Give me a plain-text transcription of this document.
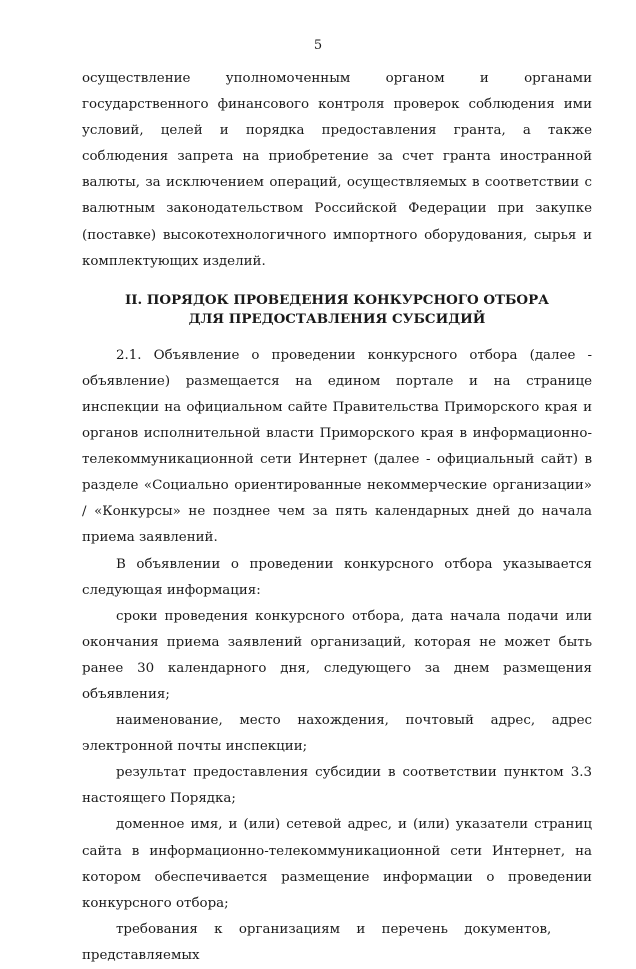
5

осуществление уполномоченным органом и органами государственного финансового контроля проверок соблюдения ими условий, целей и порядка предоставления гранта, а также соблюдения запрета на приобретение за счет гранта иностранной валюты, за исключением операций, осуществляемых в соответствии с валютным законодательством Российской Федерации при закупке (поставке) высокотехнологичного импортного оборудования, сырья и комплектующих изделий.

II. ПОРЯДОК ПРОВЕДЕНИЯ КОНКУРСНОГО ОТБОРА
ДЛЯ ПРЕДОСТАВЛЕНИЯ СУБСИДИЙ

2.1. Объявление о проведении конкурсного отбора (далее - объявление) размещается на едином портале и на странице инспекции на официальном сайте Правительства Приморского края и органов исполнительной власти Приморского края в информационно-телекоммуникационной сети Интернет (далее - официальный сайт) в разделе «Социально ориентированные некоммерческие организации» / «Конкурсы» не позднее чем за пять календарных дней до начала приема заявлений.

В объявлении о проведении конкурсного отбора указывается следующая информация:

сроки проведения конкурсного отбора, дата начала подачи или окончания приема заявлений организаций, которая не может быть ранее 30 календарного дня, следующего за днем размещения объявления;

наименование, место нахождения, почтовый адрес, адрес электронной почты инспекции;

результат предоставления субсидии в соответствии пунктом 3.3 настоящего Порядка;

доменное имя, и (или) сетевой адрес, и (или) указатели страниц сайта в информационно-телекоммуникационной сети Интернет, на котором обеспечивается размещение информации о проведении конкурсного отбора;

требования к организациям и перечень документов, представляемых
